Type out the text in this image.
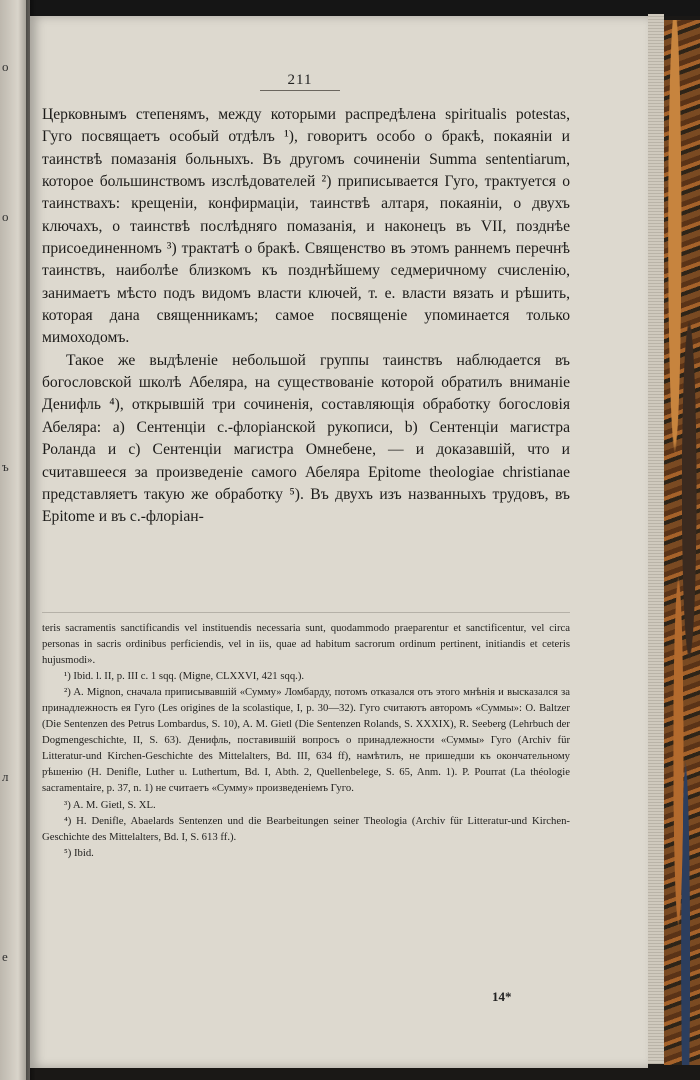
о
о
ъ
л
е
211

Церковнымъ степенямъ, между которыми распредѣлена spiritualis potestas, Гуго посвящаетъ особый отдѣлъ ¹), говоритъ особо о бракѣ, покаяніи и таинствѣ помазанія больныхъ. Въ другомъ сочиненіи Summa sententiarum, которое большинствомъ изслѣдователей ²) приписывается Гуго, трактуется о таинствахъ: крещеніи, конфирмаціи, таинствѣ алтаря, покаяніи, о двухъ ключахъ, о таинствѣ послѣдняго помазанія, и наконецъ въ VII, позднѣе присоединенномъ ³) трактатѣ о бракѣ. Священство въ этомъ раннемъ перечнѣ таинствъ, наиболѣе близкомъ къ позднѣйшему седмеричному счисленію, занимаетъ мѣсто подъ видомъ власти ключей, т. е. власти вязать и рѣшить, которая дана священникамъ; самое посвященіе упоминается только мимоходомъ.

Такое же выдѣленіе небольшой группы таинствъ наблюдается въ богословской школѣ Абеляра, на существованіе которой обратилъ вниманіе Денифль ⁴), открывшій три сочиненія, составляющія обработку богословія Абеляра: a) Сентенціи с.-флоріанской рукописи, b) Сентенціи магистра Роланда и c) Сентенціи магистра Омнебене, — и доказавшій, что и считавшееся за произведеніе самого Абеляра Epitome theologiae christianae представляетъ такую же обработку ⁵). Въ двухъ изъ названныхъ трудовъ, въ Epitome и въ с.-флоріан-

teris sacramentis sanctificandis vel instituendis necessaria sunt, quodammodo praeparentur et sanctificentur, vel circa personas in sacris ordinibus perficiendis, vel in iis, quae ad habitum sacrorum ordinum pertinent, initiandis et ceteris hujusmodi».

¹) Ibid. l. II, p. III c. 1 sqq. (Migne, CLXXVI, 421 sqq.).

²) A. Mignon, сначала приписывавшій «Сумму» Ломбарду, потомъ отказался отъ этого мнѣнія и высказался за принадлежность ея Гуго (Les origines de la scolastique, I, p. 30—32). Гуго считаютъ авторомъ «Суммы»: O. Baltzer (Die Sentenzen des Petrus Lombardus, S. 10), A. M. Gietl (Die Sentenzen Rolands, S. XXXIX), R. Seeberg (Lehrbuch der Dogmengeschichte, II, S. 63). Денифль, поставившій вопросъ о принадлежности «Суммы» Гуго (Archiv für Litteratur-und Kirchen-Geschichte des Mittelalters, Bd. III, 634 ff), намѣтилъ, не пришедши къ окончательному рѣшенію (H. Denifle, Luther u. Luthertum, Bd. I, Abth. 2, Quellenbelege, S. 65, Anm. 1). P. Pourrat (La théologie sacramentaire, p. 37, n. 1) не считаетъ «Сумму» произведеніемъ Гуго.

³) A. M. Gietl, S. XL.

⁴) H. Denifle, Abaelards Sentenzen und die Bearbeitungen seiner Theologia (Archiv für Litteratur-und Kirchen-Geschichte des Mittelalters, Bd. I, S. 613 ff.).

⁵) Ibid.

14*
